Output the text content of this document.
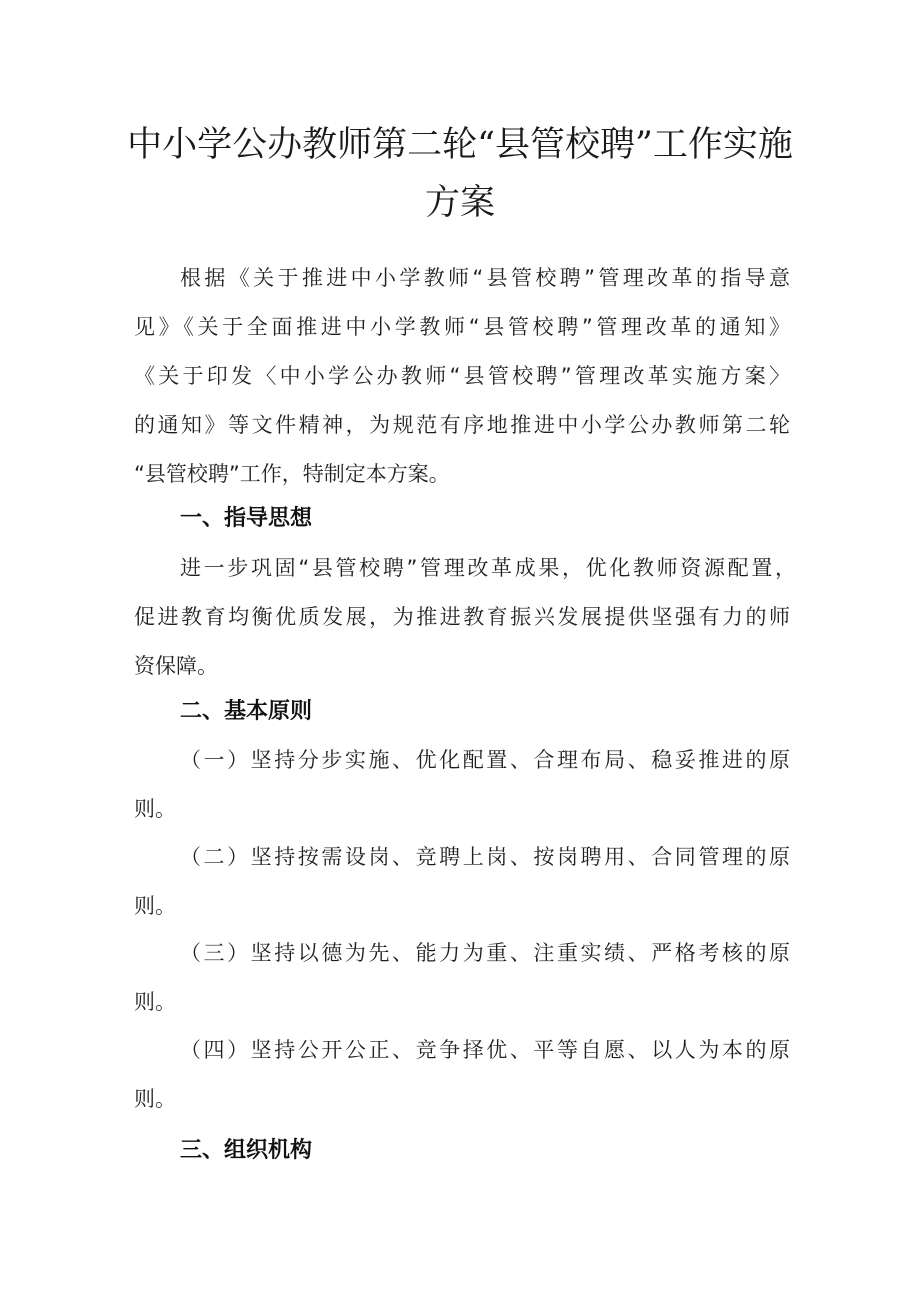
中小学公办教师第二轮“县管校聘”工作实施
方案
根据《关于推进中小学教师“县管校聘”管理改革的指导意
见》《关于全面推进中小学教师“县管校聘”管理改革的通知》
《关于印发〈中小学公办教师“县管校聘”管理改革实施方案〉
的通知》等文件精神，为规范有序地推进中小学公办教师第二轮
“县管校聘”工作，特制定本方案。
一、指导思想
进一步巩固“县管校聘”管理改革成果，优化教师资源配置，
促进教育均衡优质发展，为推进教育振兴发展提供坚强有力的师
资保障。
二、基本原则
（一）坚持分步实施、优化配置、合理布局、稳妥推进的原
则。
（二）坚持按需设岗、竞聘上岗、按岗聘用、合同管理的原
则。
（三）坚持以德为先、能力为重、注重实绩、严格考核的原
则。
（四）坚持公开公正、竞争择优、平等自愿、以人为本的原
则。
三、组织机构
